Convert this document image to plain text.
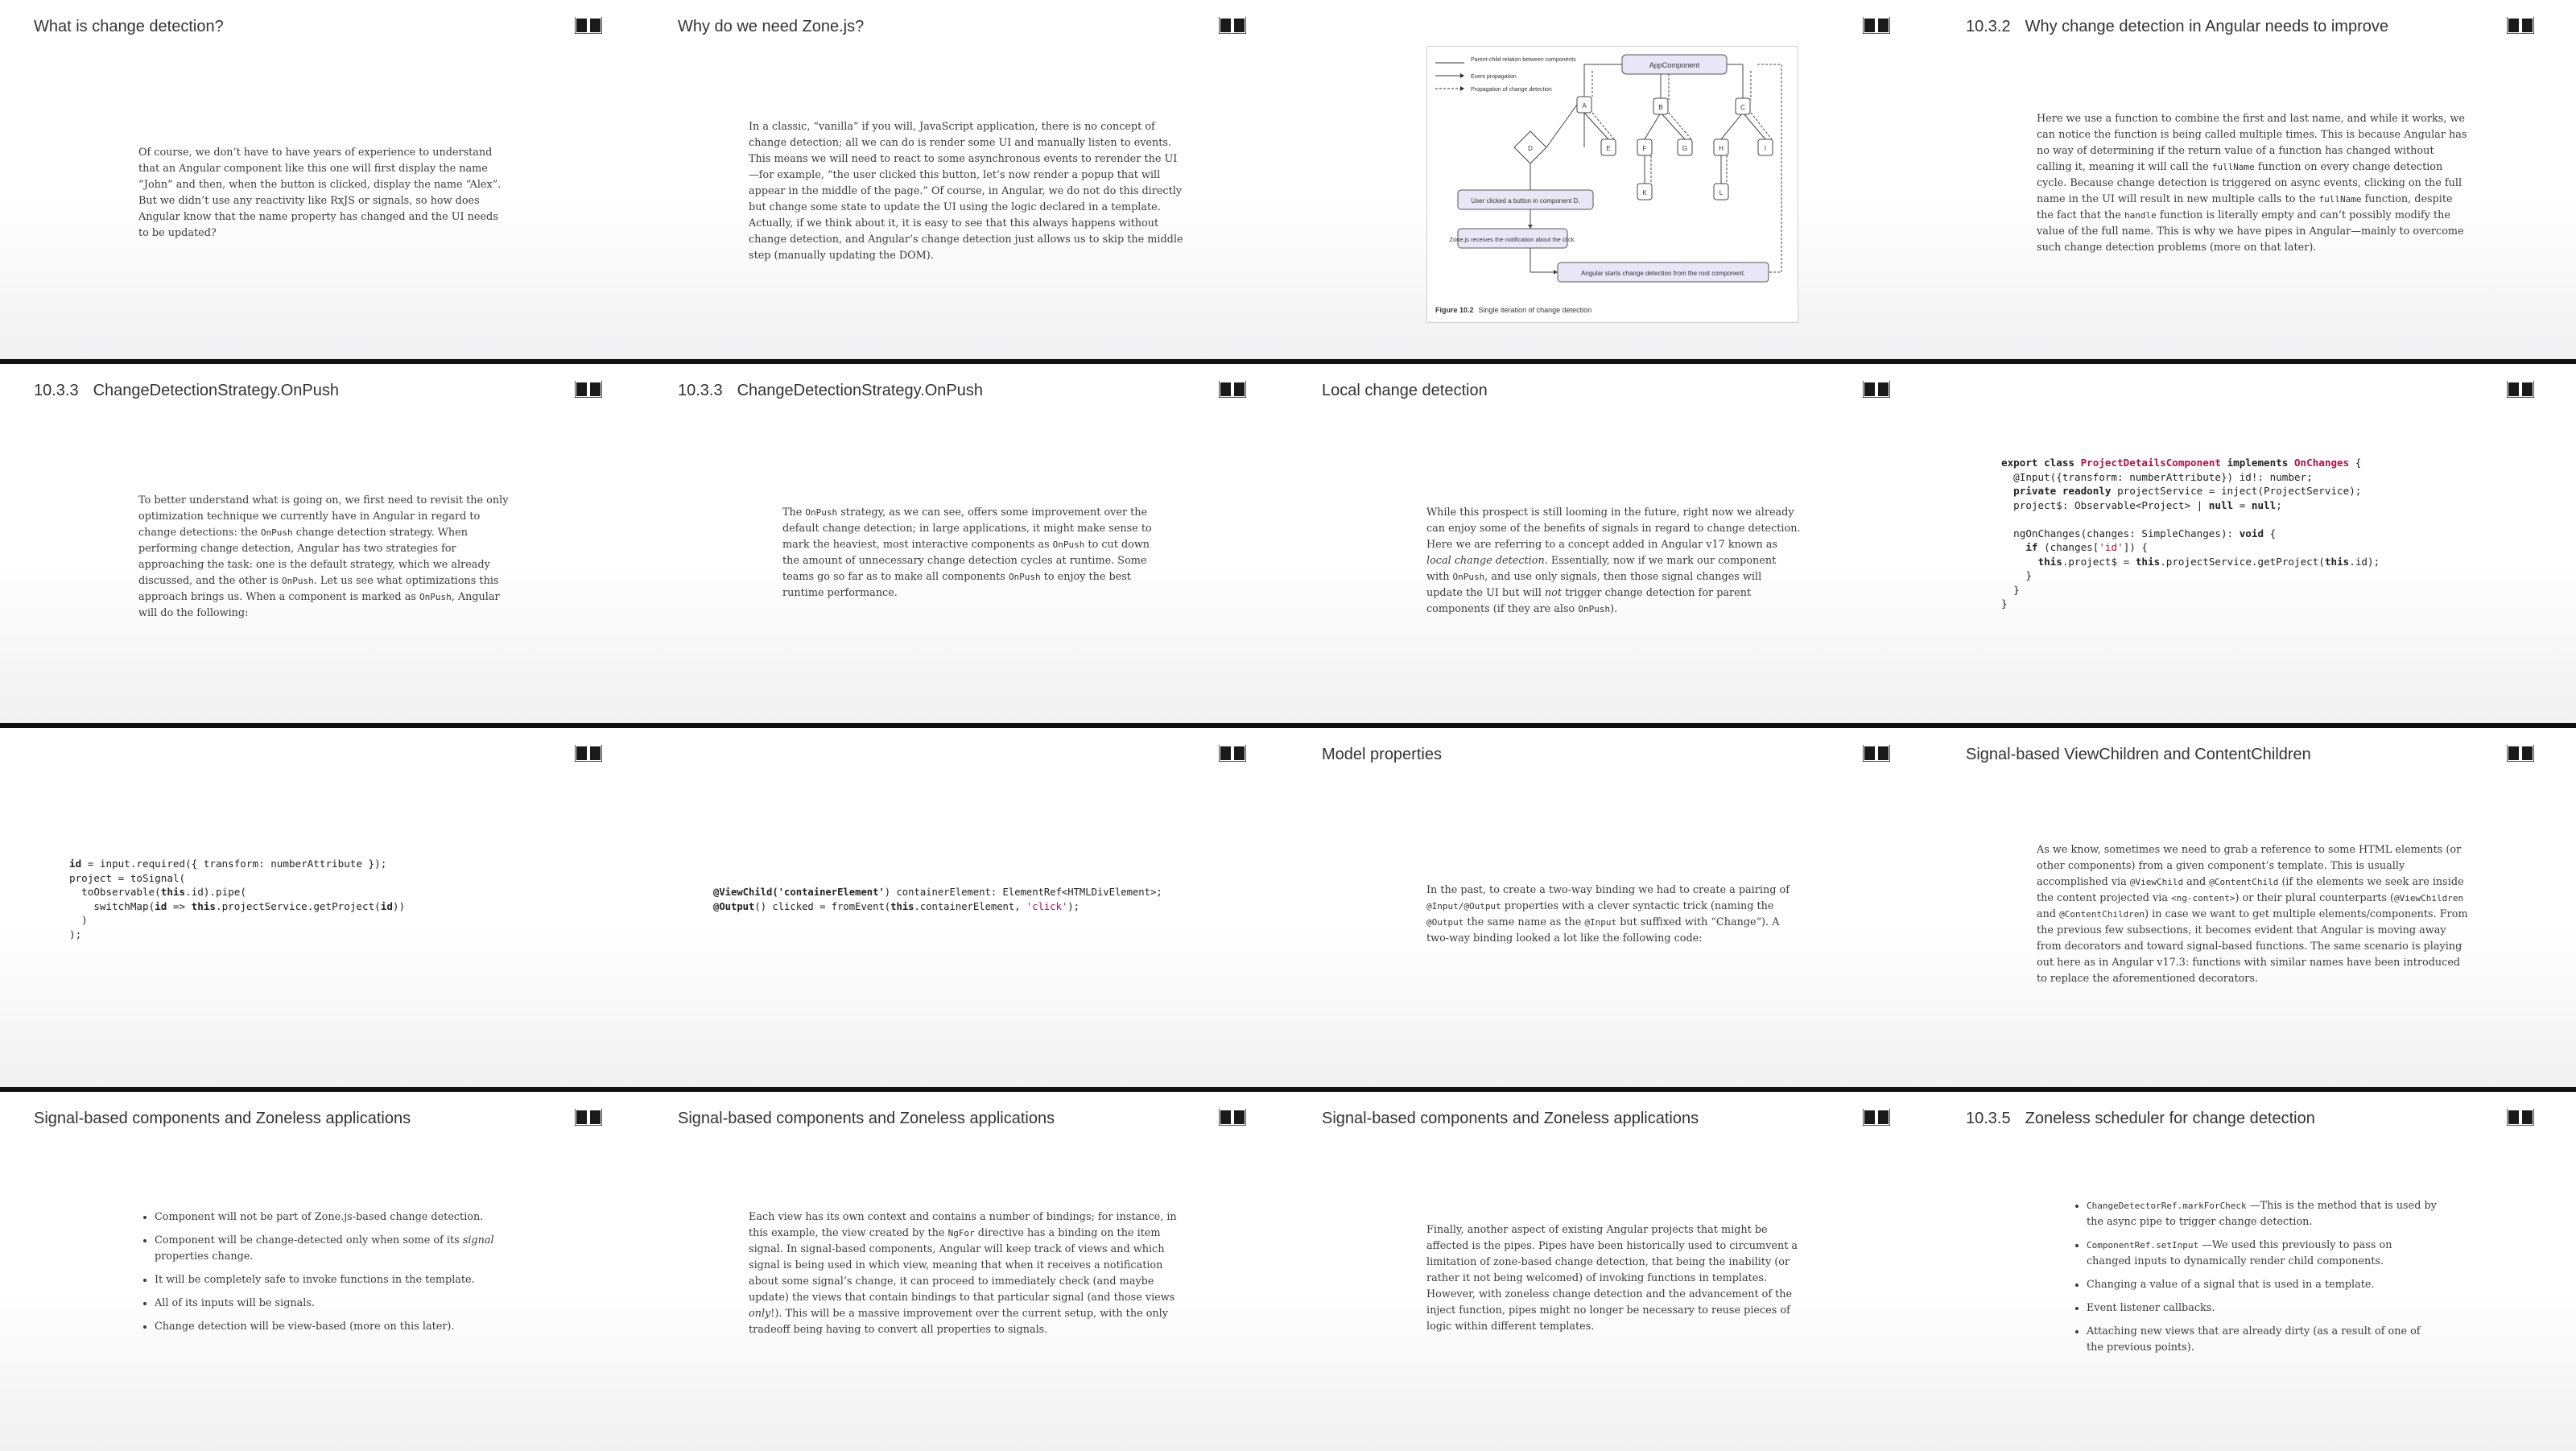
What is change detection?

Of course, we don’t have to have years of experience to understand that an Angular component like this one will first display the name “John” and then, when the button is clicked, display the name “Alex”. But we didn’t use any reactivity like RxJS or signals, so how does Angular know that the name property has changed and the UI needs to be updated?

Why do we need Zone.js?

In a classic, “vanilla” if you will, JavaScript application, there is no concept of change detection; all we can do is render some UI and manually listen to events. This means we will need to react to some asynchronous events to rerender the UI—for example, “the user clicked this button, let’s now render a popup that will appear in the middle of the page.” Of course, in Angular, we do not do this directly but change some state to update the UI using the logic declared in a template. Actually, if we think about it, it is easy to see that this always happens without change detection, and Angular’s change detection just allows us to skip the middle step (manually updating the DOM).

Parent-child relation between components
Event propagation
Propagation of change detection
AppComponent
A	B	C
D	E	F	G	H	I
K	L
User clicked a button in component D.
Zone.js receives the notification about the click.
Angular starts change detection from the root component.
Figure 10.2 Single iteration of change detection
10.3.2 Why change detection in Angular needs to improve

Here we use a function to combine the first and last name, and while it works, we can notice the function is being called multiple times. This is because Angular has no way of determining if the return value of a function has changed without calling it, meaning it will call the fullName function on every change detection cycle. Because change detection is triggered on async events, clicking on the full name in the UI will result in new multiple calls to the fullName function, despite the fact that the handle function is literally empty and can’t possibly modify the value of the full name. This is why we have pipes in Angular—mainly to overcome such change detection problems (more on that later).

10.3.3 ChangeDetectionStrategy.OnPush

To better understand what is going on, we first need to revisit the only optimization technique we currently have in Angular in regard to change detections: the OnPush change detection strategy. When performing change detection, Angular has two strategies for approaching the task: one is the default strategy, which we already discussed, and the other is OnPush. Let us see what optimizations this approach brings us. When a component is marked as OnPush, Angular will do the following:

10.3.3 ChangeDetectionStrategy.OnPush

The OnPush strategy, as we can see, offers some improvement over the default change detection; in large applications, it might make sense to mark the heaviest, most interactive components as OnPush to cut down the amount of unnecessary change detection cycles at runtime. Some teams go so far as to make all components OnPush to enjoy the best runtime performance.

Local change detection

While this prospect is still looming in the future, right now we already can enjoy some of the benefits of signals in regard to change detection. Here we are referring to a concept added in Angular v17 known as local change detection. Essentially, now if we mark our component with OnPush, and use only signals, then those signal changes will update the UI but will not trigger change detection for parent components (if they are also OnPush).

export class ProjectDetailsComponent implements OnChanges {
@Input({transform: numberAttribute}) id!: number;
private readonly projectService = inject(ProjectService);
project$: Observable<Project> | null = null;

ngOnChanges(changes: SimpleChanges): void {
if (changes['id']) {
this.project$ = this.projectService.getProject(this.id);
}
}
}
id = input.required({ transform: numberAttribute });
project = toSignal(
toObservable(this.id).pipe(
switchMap(id => this.projectService.getProject(id))
)
);
@ViewChild('containerElement') containerElement: ElementRef<HTMLDivElement>;
@Output() clicked = fromEvent(this.containerElement, 'click');
Model properties

In the past, to create a two-way binding we had to create a pairing of @Input/@Output properties with a clever syntactic trick (naming the @Output the same name as the @Input but suffixed with “Change”). A two-way binding looked a lot like the following code:

Signal-based ViewChildren and ContentChildren

As we know, sometimes we need to grab a reference to some HTML elements (or other components) from a given component’s template. This is usually accomplished via @ViewChild and @ContentChild (if the elements we seek are inside the content projected via <ng-content>) or their plural counterparts (@ViewChildren and @ContentChildren) in case we want to get multiple elements/components. From the previous few subsections, it becomes evident that Angular is moving away from decorators and toward signal-based functions. The same scenario is playing out here as in Angular v17.3: functions with similar names have been introduced to replace the aforementioned decorators.

Signal-based components and Zoneless applications
• Component will not be part of Zone.js-based change detection.
• Component will be change-detected only when some of its signal properties change.
• It will be completely safe to invoke functions in the template.
• All of its inputs will be signals.
• Change detection will be view-based (more on this later).
Signal-based components and Zoneless applications

Each view has its own context and contains a number of bindings; for instance, in this example, the view created by the NgFor directive has a binding on the item signal. In signal-based components, Angular will keep track of views and which signal is being used in which view, meaning that when it receives a notification about some signal’s change, it can proceed to immediately check (and maybe update) the views that contain bindings to that particular signal (and those views only!). This will be a massive improvement over the current setup, with the only tradeoff being having to convert all properties to signals.

Signal-based components and Zoneless applications

Finally, another aspect of existing Angular projects that might be affected is the pipes. Pipes have been historically used to circumvent a limitation of zone-based change detection, that being the inability (or rather it not being welcomed) of invoking functions in templates. However, with zoneless change detection and the advancement of the inject function, pipes might no longer be necessary to reuse pieces of logic within different templates.

10.3.5 Zoneless scheduler for change detection
• ChangeDetectorRef.markForCheck —This is the method that is used by the async pipe to trigger change detection.
• ComponentRef.setInput —We used this previously to pass on changed inputs to dynamically render child components.
• Changing a value of a signal that is used in a template.
• Event listener callbacks.
• Attaching new views that are already dirty (as a result of one of the previous points).
